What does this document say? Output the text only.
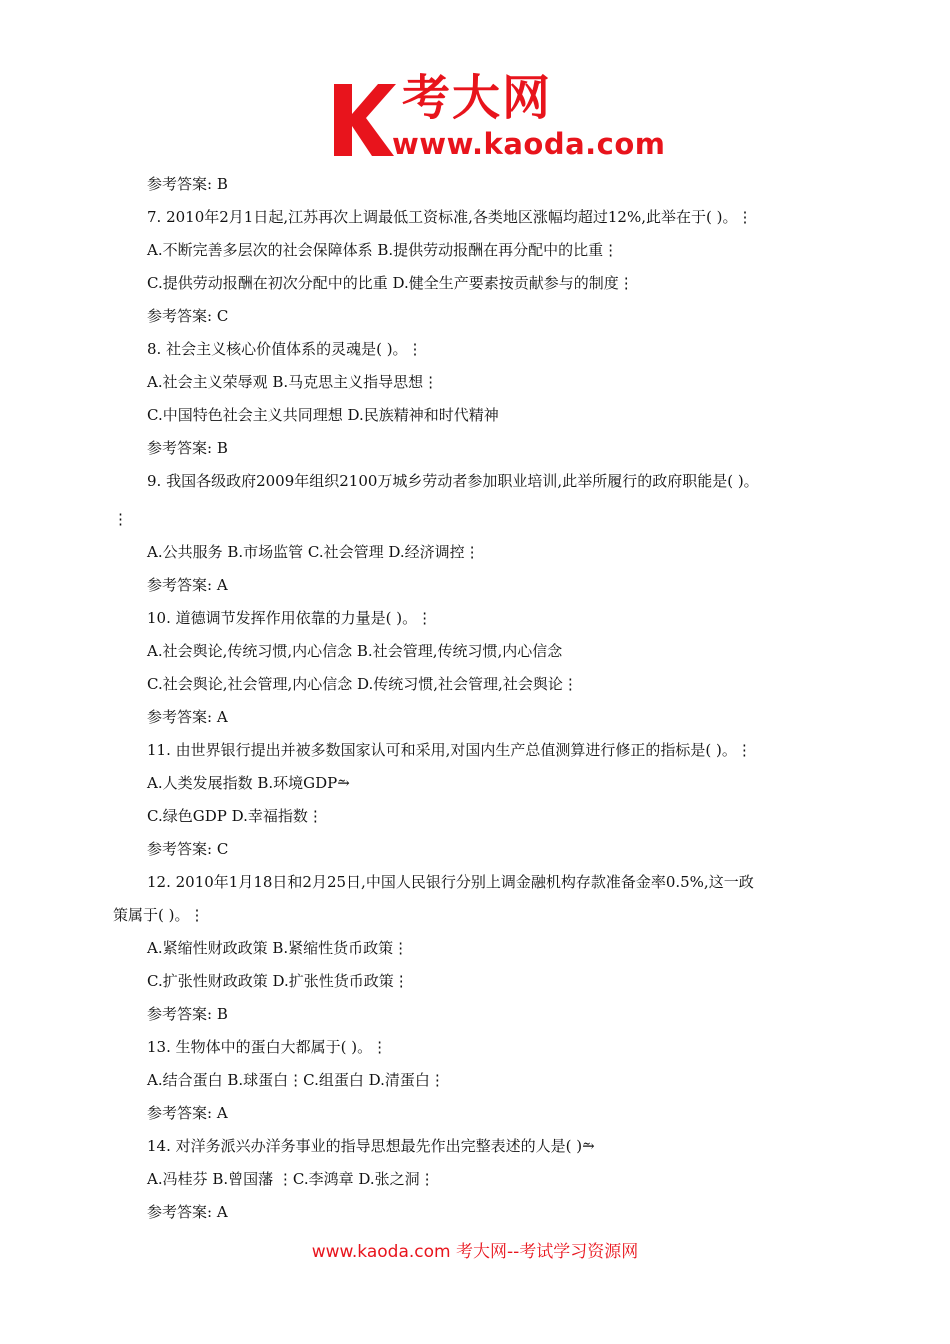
考大网
www.kaoda.com
参考答案: B
7. 2010年2月1日起,江苏再次上调最低工资标准,各类地区涨幅均超过12%,此举在于( )。⋮
A.不断完善多层次的社会保障体系 B.提供劳动报酬在再分配中的比重⋮
C.提供劳动报酬在初次分配中的比重 D.健全生产要素按贡献参与的制度⋮
参考答案: C
8. 社会主义核心价值体系的灵魂是( )。⋮
A.社会主义荣辱观 B.马克思主义指导思想⋮
C.中国特色社会主义共同理想 D.民族精神和时代精神
参考答案: B
9. 我国各级政府2009年组织2100万城乡劳动者参加职业培训,此举所履行的政府职能是( )。
⋮
A.公共服务 B.市场监管 C.社会管理 D.经济调控⋮
参考答案: A
10. 道德调节发挥作用依靠的力量是( )。⋮
A.社会舆论,传统习惯,内心信念 B.社会管理,传统习惯,内心信念
C.社会舆论,社会管理,内心信念 D.传统习惯,社会管理,社会舆论⋮
参考答案: A
11. 由世界银行提出并被多数国家认可和采用,对国内生产总值测算进行修正的指标是( )。⋮
A.人类发展指数 B.环境GDP⥲
C.绿色GDP D.幸福指数⋮
参考答案: C
12. 2010年1月18日和2月25日,中国人民银行分别上调金融机构存款准备金率0.5%,这一政
策属于( )。⋮
A.紧缩性财政政策 B.紧缩性货币政策⋮
C.扩张性财政政策 D.扩张性货币政策⋮
参考答案: B
13. 生物体中的蛋白大都属于( )。⋮
A.结合蛋白 B.球蛋白⋮C.组蛋白 D.清蛋白⋮
参考答案: A
14. 对洋务派兴办洋务事业的指导思想最先作出完整表述的人是( )⥲
A.冯桂芬 B.曾国藩 ⋮C.李鸿章 D.张之洞⋮
参考答案: A
www.kaoda.com 考大网--考试学习资源网
